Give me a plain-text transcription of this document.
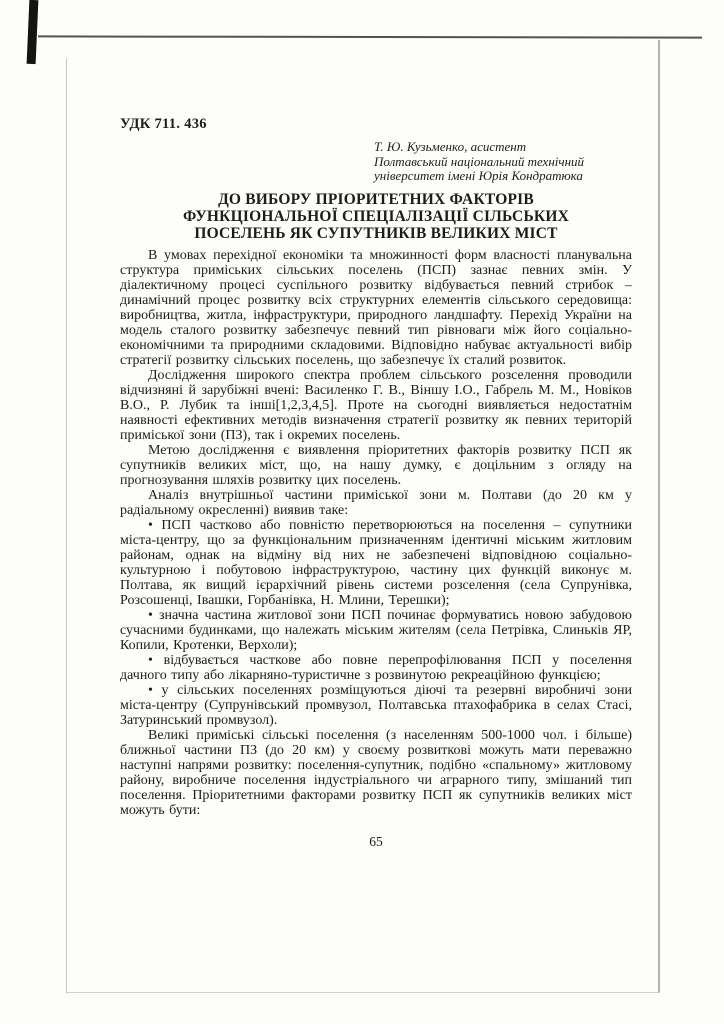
УДК 711. 436
Т. Ю. Кузьменко, асистент
Полтавський національний технічний
університет імені Юрія Кондратюка
ДО ВИБОРУ ПРІОРИТЕТНИХ ФАКТОРІВ
ФУНКЦІОНАЛЬНОЇ СПЕЦІАЛІЗАЦІЇ СІЛЬСЬКИХ
ПОСЕЛЕНЬ ЯК СУПУТНИКІВ ВЕЛИКИХ МІСТ

В умовах перехідної економіки та множинності форм власності планувальна структура приміських сільських поселень (ПСП) зазнає певних змін. У діалектичному процесі суспільного розвитку відбувається певний стрибок – динамічний процес розвитку всіх структурних елементів сільського середовища: виробництва, житла, інфраструктури, природного ландшафту. Перехід України на модель сталого розвитку забезпечує певний тип рівноваги між його соціально-економічними та природними складовими. Відповідно набуває актуальності вибір стратегії розвитку сільських поселень, що забезпечує їх сталий розвиток.

Дослідження широкого спектра проблем сільського розселення проводили відчизняні й зарубіжні вчені: Василенко Г. В., Віншу І.О., Габрель М. М., Новіков В.О., Р. Лубик та інші[1,2,3,4,5]. Проте на сьогодні виявляється недостатнім наявності ефективних методів визначення стратегії розвитку як певних територій приміської зони (ПЗ), так і окремих поселень.

Метою дослідження є виявлення пріоритетних факторів розвитку ПСП як супутників великих міст, що, на нашу думку, є доцільним з огляду на прогнозування шляхів розвитку цих поселень.

Аналіз внутрішньої частини приміської зони м. Полтави (до 20 км у радіальному окресленні) виявив таке:

• ПСП частково або повністю перетворюються на поселення – супутники міста-центру, що за функціональним призначенням ідентичні міським житловим районам, однак на відміну від них не забезпечені відповідною соціально-культурною і побутовою інфраструктурою, частину цих функцій виконує м. Полтава, як вищий ієрархічний рівень системи розселення (села Супрунівка, Розсошенці, Івашки, Горбанівка, Н. Млини, Терешки);

• значна частина житлової зони ПСП починає формуватись новою забудовою сучасними будинками, що належать міським жителям (села Петрівка, Слиньків ЯР, Копили, Кротенки, Верхоли);

• відбувається часткове або повне перепрофілювання ПСП у поселення дачного типу або лікарняно-туристичне з розвинутою рекреаційною функцією;

• у сільських поселеннях розміщуються діючі та резервні виробничі зони міста-центру (Супрунівський промвузол, Полтавська птахофабрика в селах Стасі, Затуринський промвузол).

Великі приміські сільські поселення (з населенням 500-1000 чол. і більше) ближньої частини ПЗ (до 20 км) у своєму розвиткові можуть мати переважно наступні напрями розвитку: поселення-супутник, подібно «спальному» житловому району, виробниче поселення індустріального чи аграрного типу, змішаний тип поселення. Пріоритетними факторами розвитку ПСП як супутників великих міст можуть бути:

65
